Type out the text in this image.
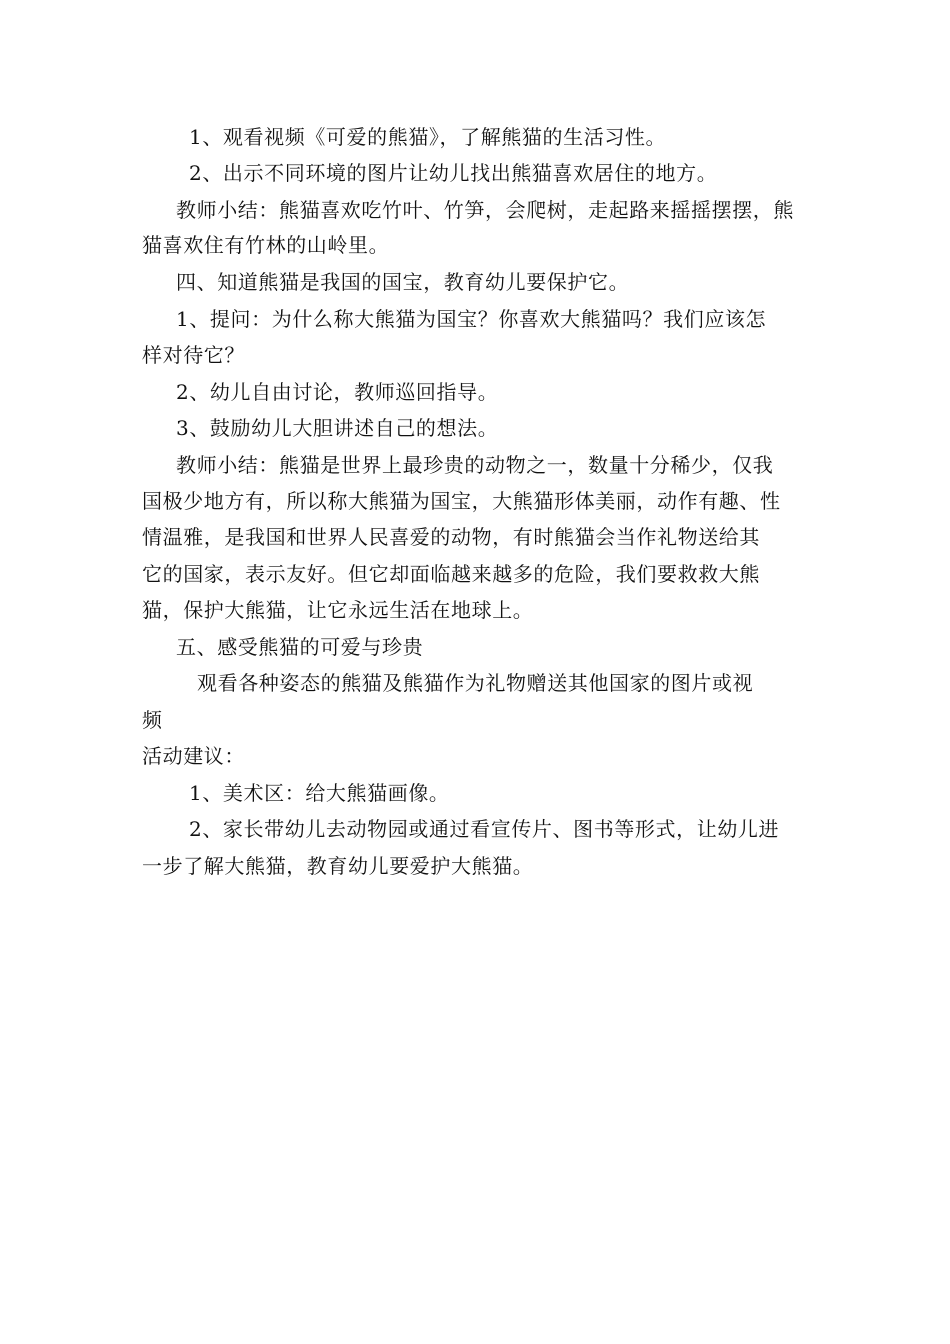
1、观看视频《可爱的熊猫》，了解熊猫的生活习性。
2、出示不同环境的图片让幼儿找出熊猫喜欢居住的地方。
教师小结：熊猫喜欢吃竹叶、竹笋，会爬树，走起路来摇摇摆摆，熊
猫喜欢住有竹林的山岭里。
四、知道熊猫是我国的国宝，教育幼儿要保护它。
1、提问：为什么称大熊猫为国宝？你喜欢大熊猫吗？我们应该怎
样对待它？
2、幼儿自由讨论，教师巡回指导。
3、鼓励幼儿大胆讲述自己的想法。
教师小结：熊猫是世界上最珍贵的动物之一，数量十分稀少，仅我
国极少地方有，所以称大熊猫为国宝，大熊猫形体美丽，动作有趣、性
情温雅，是我国和世界人民喜爱的动物，有时熊猫会当作礼物送给其
它的国家，表示友好。但它却面临越来越多的危险，我们要救救大熊
猫，保护大熊猫，让它永远生活在地球上。
五、感受熊猫的可爱与珍贵
观看各种姿态的熊猫及熊猫作为礼物赠送其他国家的图片或视
频
活动建议：
1、美术区：给大熊猫画像。
2、家长带幼儿去动物园或通过看宣传片、图书等形式，让幼儿进
一步了解大熊猫，教育幼儿要爱护大熊猫。
